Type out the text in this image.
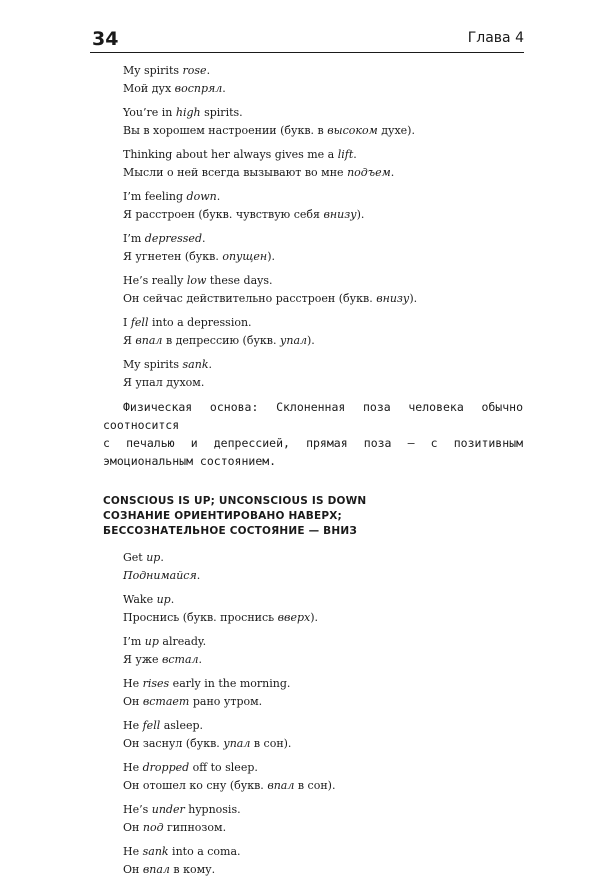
34	Глава 4
My spirits rose.
Мой дух воспрял.
You’re in high spirits.
Вы в хорошем настроении (букв. в высоком духе).
Thinking about her always gives me a lift.
Мысли о ней всегда вызывают во мне подъем.
I’m feeling down.
Я расстроен (букв. чувствую себя внизу).
I’m depressed.
Я угнетен (букв. опущен).
He’s really low these days.
Он сейчас действительно расстроен (букв. внизу).
I fell into a depression.
Я впал в депрессию (букв. упал).
My spirits sank.
Я упал духом.
Физическая основа: Склоненная поза человека обычно соотносится
с печалью и депрессией, прямая поза — с позитивным эмоциональным состоянием.
CONSCIOUS IS UP; UNCONSCIOUS IS DOWN
СОЗНАНИЕ ОРИЕНТИРОВАНО НАВЕРХ;
БЕССОЗНАТЕЛЬНОЕ СОСТОЯНИЕ — ВНИЗ
Get up.
Поднимайся.
Wake up.
Проснись (букв. проснись вверх).
I’m up already.
Я уже встал.
He rises early in the morning.
Он встает рано утром.
He fell asleep.
Он заснул (букв. упал в сон).
He dropped off to sleep.
Он отошел ко сну (букв. впал в сон).
He’s under hypnosis.
Он под гипнозом.
He sank into a coma.
Он впал в кому.
